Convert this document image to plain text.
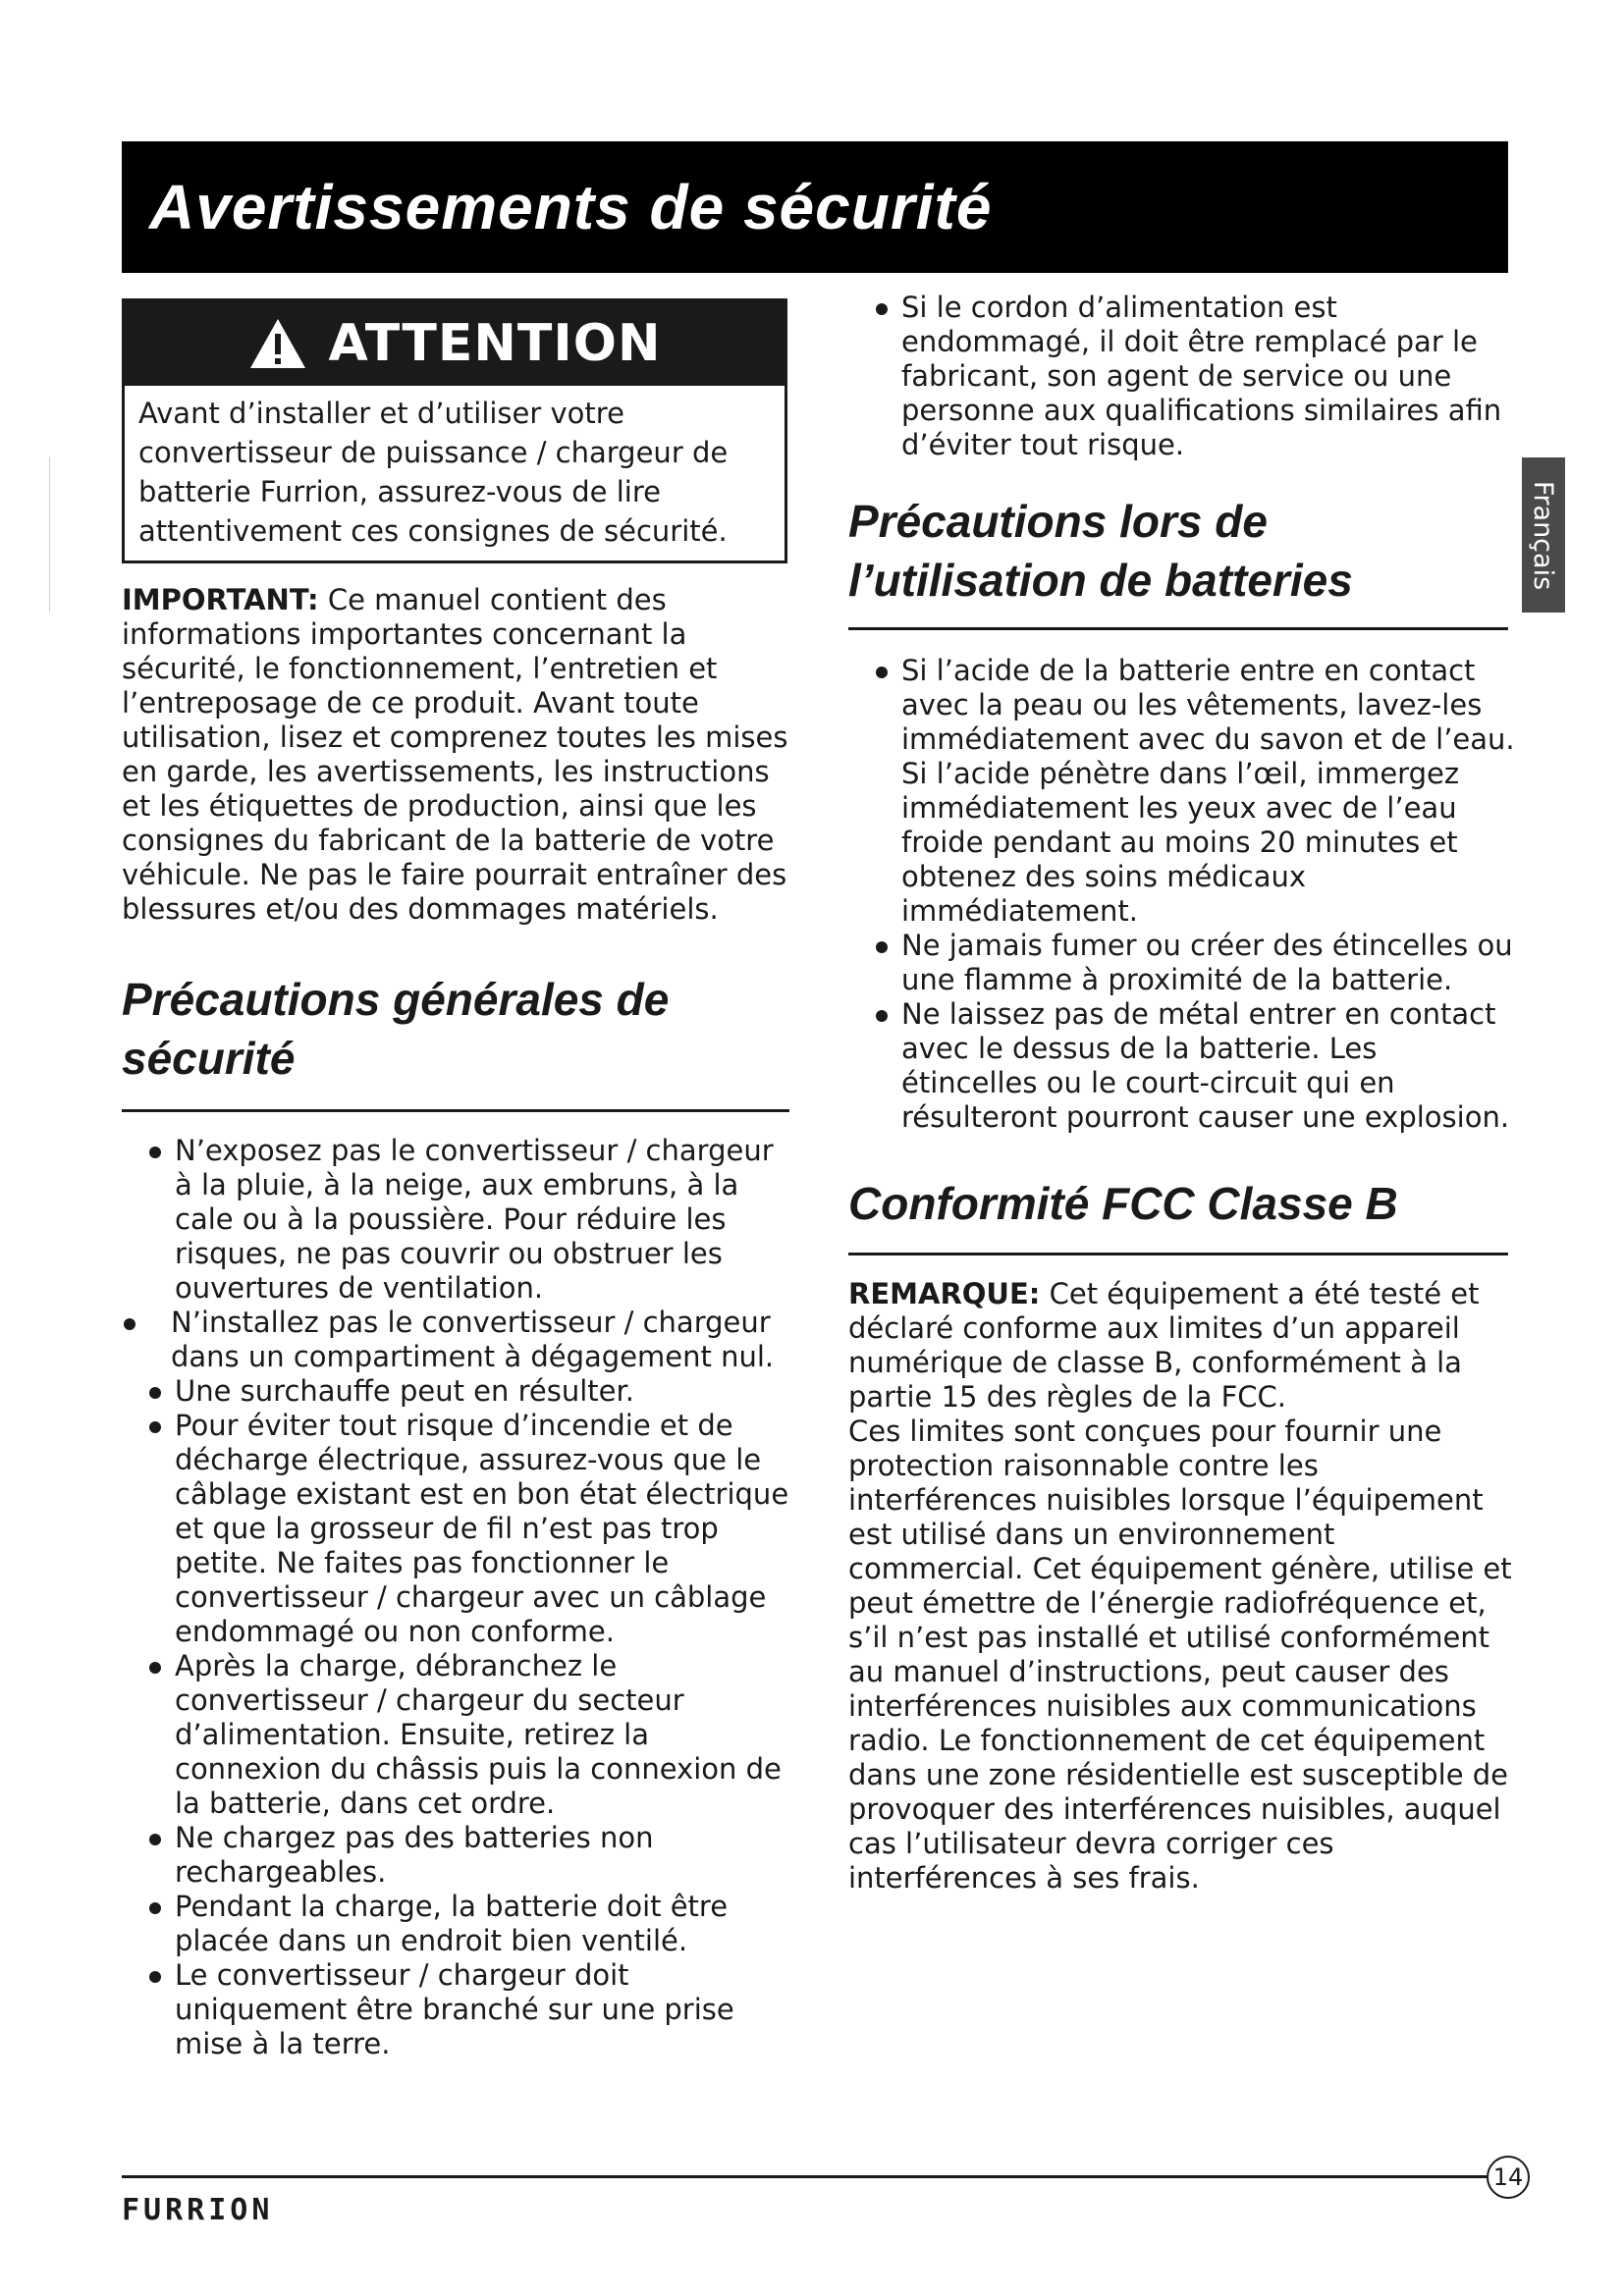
Avertissements de sécurité
Français
ATTENTION
Avant d’installer et d’utiliser votre convertisseur de puissance / chargeur de batterie Furrion, assurez-vous de lire attentivement ces consignes de sécurité.

IMPORTANT: Ce manuel contient des informations importantes concernant la sécurité, le fonctionnement, l’entretien et l’entreposage de ce produit. Avant toute utilisation, lisez et comprenez toutes les mises en garde, les avertissements, les instructions et les étiquettes de production, ainsi que les consignes du fabricant de la batterie de votre véhicule. Ne pas le faire pourrait entraîner des blessures et/ou des dommages matériels.

Précautions générales de sécurité
N’exposez pas le convertisseur / chargeur à la pluie, à la neige, aux embruns, à la cale ou à la poussière. Pour réduire les risques, ne pas couvrir ou obstruer les ouvertures de ventilation.
N’installez pas le convertisseur / chargeur dans un compartiment à dégagement nul.
Une surchauffe peut en résulter.
Pour éviter tout risque d’incendie et de décharge électrique, assurez-vous que le câblage existant est en bon état électrique et que la grosseur de fil n’est pas trop petite. Ne faites pas fonctionner le convertisseur / chargeur avec un câblage endommagé ou non conforme.
Après la charge, débranchez le convertisseur / chargeur du secteur d’alimentation. Ensuite, retirez la connexion du châssis puis la connexion de la batterie, dans cet ordre.
Ne chargez pas des batteries non rechargeables.
Pendant la charge, la batterie doit être placée dans un endroit bien ventilé.
Le convertisseur / chargeur doit uniquement être branché sur une prise mise à la terre.
Si le cordon d’alimentation est endommagé, il doit être remplacé par le fabricant, son agent de service ou une personne aux qualifications similaires afin d’éviter tout risque.
Précautions lors de l’utilisation de batteries
Si l’acide de la batterie entre en contact avec la peau ou les vêtements, lavez-les immédiatement avec du savon et de l’eau. Si l’acide pénètre dans l’œil, immergez immédiatement les yeux avec de l’eau froide pendant au moins 20 minutes et obtenez des soins médicaux immédiatement.
Ne jamais fumer ou créer des étincelles ou une flamme à proximité de la batterie.
Ne laissez pas de métal entrer en contact avec le dessus de la batterie. Les étincelles ou le court-circuit qui en résulteront pourront causer une explosion.
Conformité FCC Classe B

REMARQUE: Cet équipement a été testé et déclaré conforme aux limites d’un appareil numérique de classe B, conformément à la partie 15 des règles de la FCC.

Ces limites sont conçues pour fournir une protection raisonnable contre les interférences nuisibles lorsque l’équipement est utilisé dans un environnement commercial. Cet équipement génère, utilise et peut émettre de l’énergie radiofréquence et, s’il n’est pas installé et utilisé conformément au manuel d’instructions, peut causer des interférences nuisibles aux communications radio. Le fonctionnement de cet équipement dans une zone résidentielle est susceptible de provoquer des interférences nuisibles, auquel cas l’utilisateur devra corriger ces interférences à ses frais.

14
FURRION
